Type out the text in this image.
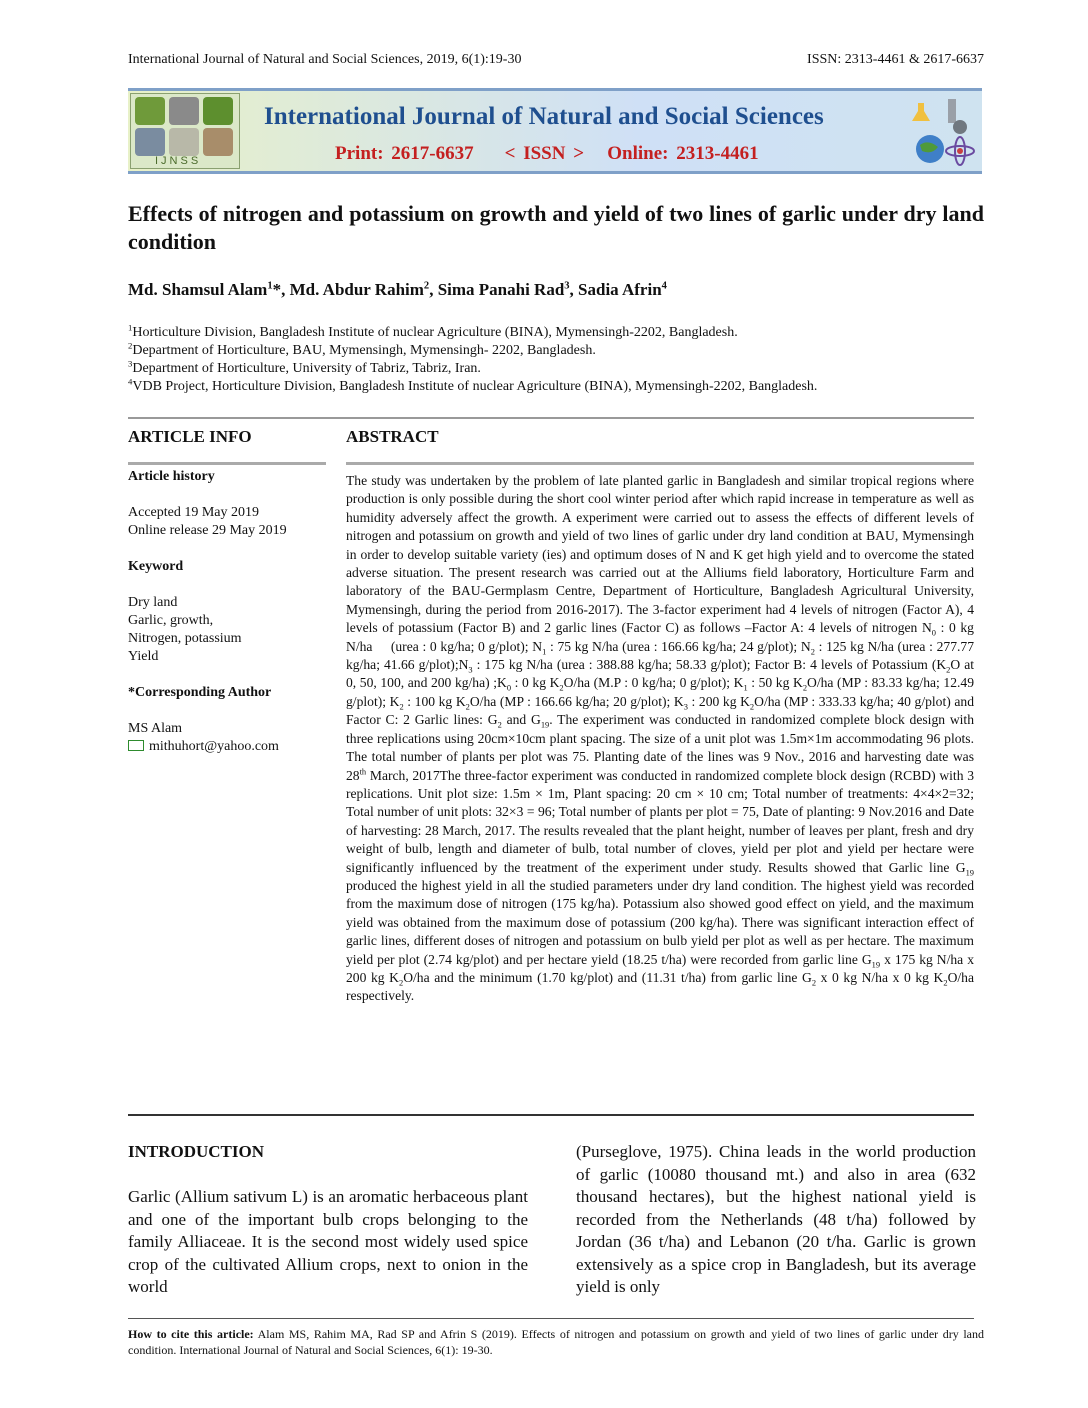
International Journal of Natural and Social Sciences, 2019, 6(1):19-30	ISSN: 2313-4461 & 2617-6637
IJNSS
International Journal of Natural and Social Sciences
Print: 2617-6637    < ISSN >   Online: 2313-4461
Effects of nitrogen and potassium on growth and yield of two lines of garlic under dry land condition
Md. Shamsul Alam$^1$*, Md. Abdur Rahim$^2$, Sima Panahi Rad$^3$, Sadia Afrin$^4$
$^1$Horticulture Division, Bangladesh Institute of nuclear Agriculture (BINA), Mymensingh-2202, Bangladesh.
$^2$Department of Horticulture, BAU, Mymensingh, Mymensingh- 2202, Bangladesh.
$^3$Department of Horticulture, University of Tabriz, Tabriz, Iran.
$^4$VDB Project, Horticulture Division, Bangladesh Institute of nuclear Agriculture (BINA), Mymensingh-2202, Bangladesh.
ARTICLE INFO	ABSTRACT
Article history
Accepted 19 May 2019
Online release 29 May 2019
Keyword
Dry land
Garlic, growth,
Nitrogen, potassium
Yield
*Corresponding Author
MS Alam
mithuhort@yahoo.com
The study was undertaken by the problem of late planted garlic in Bangladesh and similar tropical regions where production is only possible during the short cool winter period after which rapid increase in temperature as well as humidity adversely affect the growth. A experiment were carried out to assess the effects of different levels of nitrogen and potassium on growth and yield of two lines of garlic under dry land condition at BAU, Mymensingh in order to develop suitable variety (ies) and optimum doses of N and K get high yield and to overcome the stated adverse situation. The present research was carried out at the Alliums field laboratory, Horticulture Farm and laboratory of the BAU-Germplasm Centre, Department of Horticulture, Bangladesh Agricultural University, Mymensingh, during the period from 2016-2017). The 3-factor experiment had 4 levels of nitrogen (Factor A), 4 levels of potassium (Factor B) and 2 garlic lines (Factor C) as follows –Factor A: 4 levels of nitrogen $N_0$ : 0 kg N/ha     (urea : 0 kg/ha; 0 g/plot); $N_1$ : 75 kg N/ha (urea : 166.66 kg/ha; 24 g/plot); $N_2$ : 125 kg N/ha (urea : 277.77 kg/ha; 41.66 $g/plot);N_3$ : 175 kg N/ha (urea : 388.88 kg/ha; 58.33 g/plot); Factor B: 4 levels of Potassium ($K_2O$ at 0, 50, 100, and 200 kg/ha) $;K_0$ : 0 kg $K_2O/ha$ (M.P : 0 kg/ha; 0 g/plot); $K_1$ : 50 kg $K_2O/ha$ (MP : 83.33 kg/ha; 12.49 g/plot); $K_2$ : 100 kg $K_2O/ha$ (MP : 166.66 kg/ha; 20 g/plot); $K_3$ : 200 kg $K_2O/ha$ (MP : 333.33 kg/ha; 40 g/plot) and Factor C: 2 Garlic lines: $G_2$ and $G_{19}$. The experiment was conducted in randomized complete block design with three replications using 20cm×10cm plant spacing. The size of a unit plot was 1.5m×1m accommodating 96 plots. The total number of plants per plot was 75. Planting date of the lines was 9 Nov., 2016 and harvesting date was 28th March, 2017The three-factor experiment was conducted in randomized complete block design (RCBD) with 3 replications. Unit plot size: 1.5m × 1m, Plant spacing: 20 cm × 10 cm; Total number of treatments: 4×4×2=32; Total number of unit plots: 32×3 = 96; Total number of plants per plot = 75, Date of planting: 9 Nov.2016 and Date of harvesting: 28 March, 2017. The results revealed that the plant height, number of leaves per plant, fresh and dry weight of bulb, length and diameter of bulb, total number of cloves, yield per plot and yield per hectare were significantly influenced by the treatment of the experiment under study. Results showed that Garlic line $G_{19}$ produced the highest yield in all the studied parameters under dry land condition. The highest yield was recorded from the maximum dose of nitrogen (175 kg/ha). Potassium also showed good effect on yield, and the maximum yield was obtained from the maximum dose of potassium (200 kg/ha). There was significant interaction effect of garlic lines, different doses of nitrogen and potassium on bulb yield per plot as well as per hectare. The maximum yield per plot (2.74 kg/plot) and per hectare yield (18.25 t/ha) were recorded from garlic line $G_{19}$ x 175 kg N/ha x 200 kg $K_2O/ha$ and the minimum (1.70 kg/plot) and (11.31 t/ha) from garlic line $G_2$ x 0 kg N/ha x 0 kg $K_2O/ha$ respectively.
INTRODUCTION
Garlic (Allium sativum L) is an aromatic herbaceous plant and one of the important bulb crops belonging to the family Alliaceae. It is the second most widely used spice crop of the cultivated Allium crops, next to onion in the world
(Purseglove, 1975). China leads in the world production of garlic (10080 thousand mt.) and also in area (632 thousand hectares), but the highest national yield is recorded from the Netherlands (48 t/ha) followed by Jordan (36 t/ha) and Lebanon (20 t/ha. Garlic is grown extensively as a spice crop in Bangladesh, but its average yield is only
How to cite this article: Alam MS, Rahim MA, Rad SP and Afrin S (2019). Effects of nitrogen and potassium on growth and yield of two lines of garlic under dry land condition. International Journal of Natural and Social Sciences, 6(1): 19-30.
